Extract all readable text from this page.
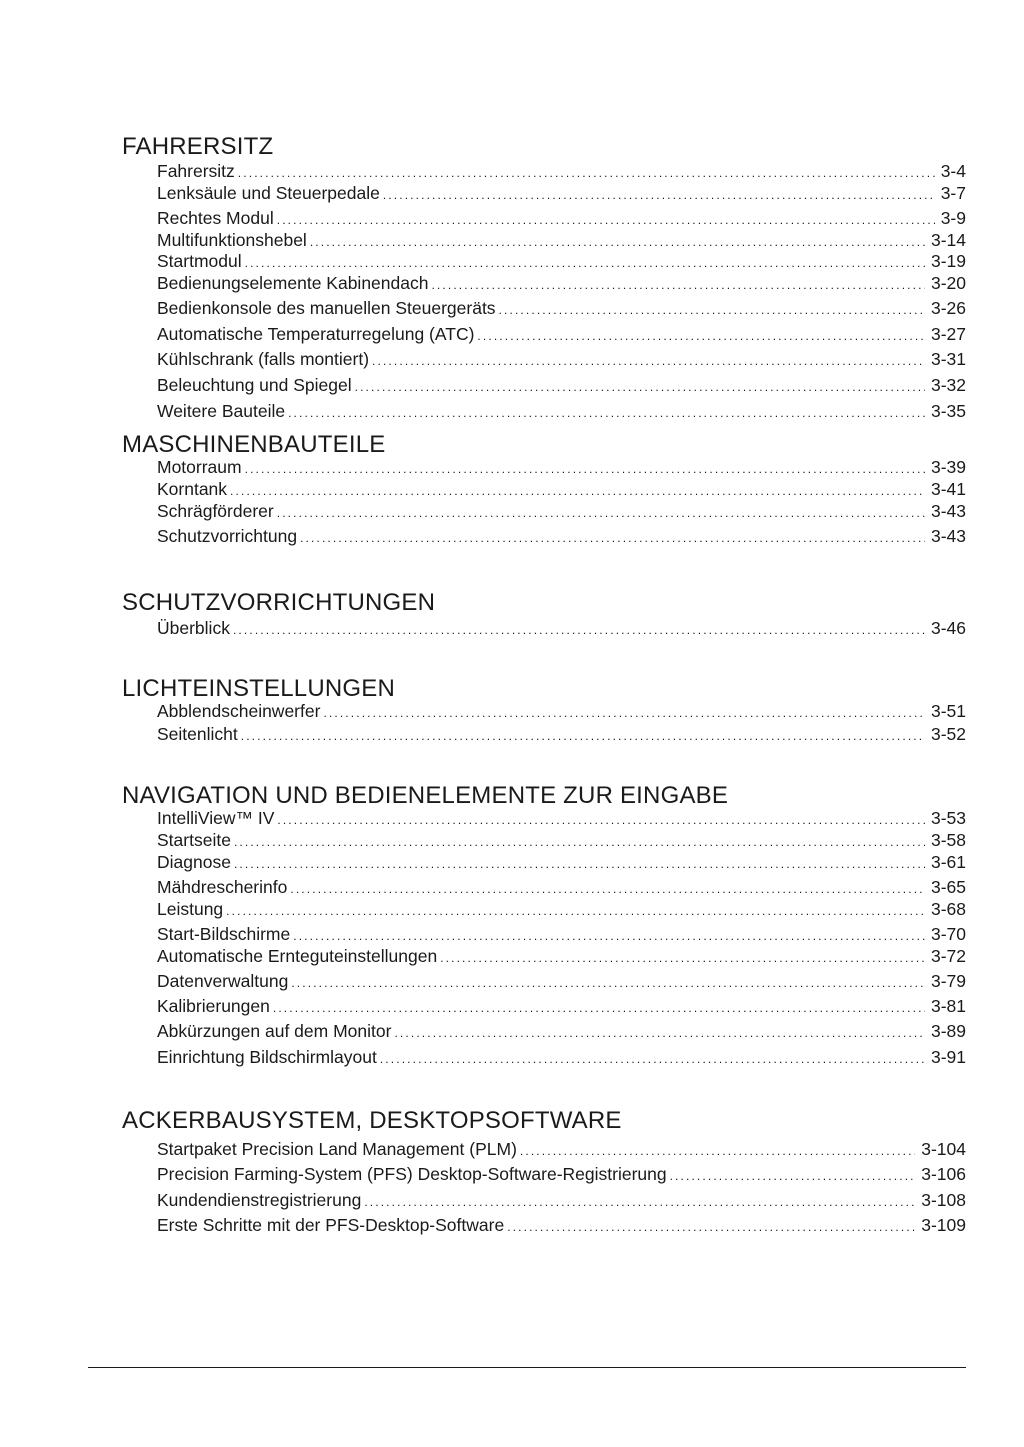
FAHRERSITZ
Fahrersitz . . .	3-4
Lenksäule und Steuerpedale . . .	3-7
Rechtes Modul . . .	3-9
Multifunktionshebel . . .	3-14
Startmodul . . .	3-19
Bedienungselemente Kabinendach . . .	3-20
Bedienkonsole des manuellen Steuergeräts . . .	3-26
Automatische Temperaturregelung (ATC) . . .	3-27
Kühlschrank (falls montiert) . . .	3-31
Beleuchtung und Spiegel . . .	3-32
Weitere Bauteile . . .	3-35
MASCHINENBAUTEILE
Motorraum . . .	3-39
Korntank . . .	3-41
Schrägförderer . . .	3-43
Schutzvorrichtung . . .	3-43
SCHUTZVORRICHTUNGEN
Überblick . . .	3-46
LICHTEINSTELLUNGEN
Abblendscheinwerfer . . .	3-51
Seitenlicht . . .	3-52
NAVIGATION UND BEDIENELEMENTE ZUR EINGABE
IntelliView™ IV . . .	3-53
Startseite . . .	3-58
Diagnose . . .	3-61
Mähdrescherinfo . . .	3-65
Leistung . . .	3-68
Start-Bildschirme . . .	3-70
Automatische Ernteguteinstellungen . . .	3-72
Datenverwaltung . . .	3-79
Kalibrierungen . . .	3-81
Abkürzungen auf dem Monitor . . .	3-89
Einrichtung Bildschirmlayout . . .	3-91
ACKERBAUSYSTEM, DESKTOPSOFTWARE
Startpaket Precision Land Management (PLM) . . .	3-104
Precision Farming-System (PFS) Desktop-Software-Registrierung . . .	3-106
Kundendienstregistrierung . . .	3-108
Erste Schritte mit der PFS-Desktop-Software . . .	3-109
